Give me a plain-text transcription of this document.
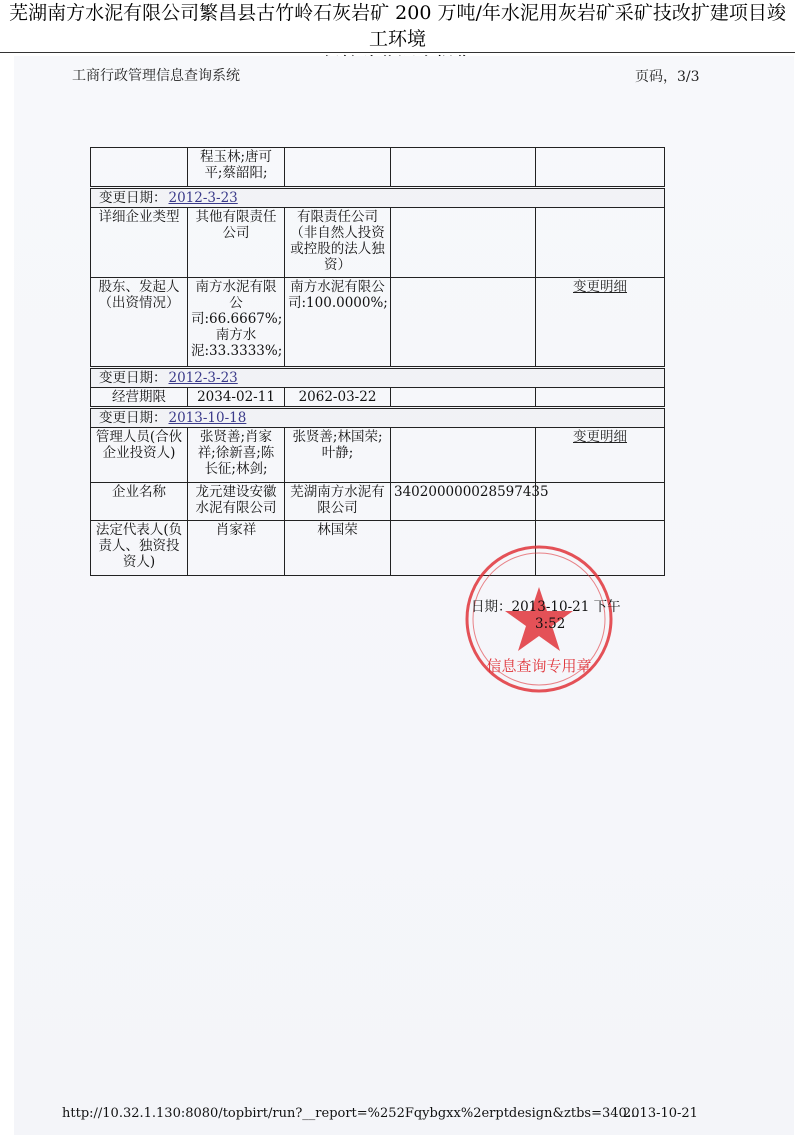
芜湖南方水泥有限公司繁昌县古竹岭石灰岩矿 200 万吨/年水泥用灰岩矿采矿技改扩建项目竣工环境
工商行政管理信息查询系统	页码，3/3
	程玉林;唐可平;蔡韶阳;			
变更日期： 2012-3-23				
详细企业类型	其他有限责任公司	有限责任公司（非自然人投资或控股的法人独资）		
股东、发起人（出资情况）	南方水泥有限公司:66.6667%;南方水泥:33.3333%;	南方水泥有限公司:100.0000%;		变更明细
变更日期： 2012-3-23				
经营期限	2034-02-11	2062-03-22		
变更日期： 2013-10-18				
管理人员(合伙企业投资人)	张贤善;肖家祥;徐新喜;陈长征;林剑;	张贤善;林国荣;叶静;		变更明细
企业名称	龙元建设安徽水泥有限公司	芜湖南方水泥有限公司	340200000028597435	
法定代表人(负责人、独资投资人)	肖家祥	林国荣		
信息查询专用章
日期：2013-10-21 下午
3:52
http://10.32.1.130:8080/topbirt/run?__report=%252Fqybgxx%2erptdesign&ztbs=340...
2013-10-21
